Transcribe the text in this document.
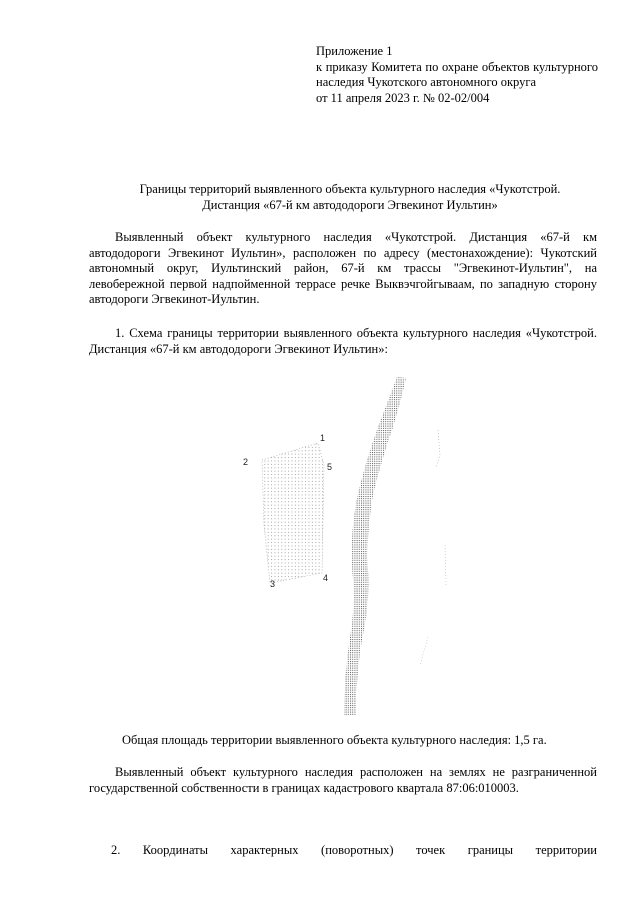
Приложение 1
к приказу Комитета по охране объектов культурного наследия Чукотского автономного округа
от 11 апреля 2023 г. № 02-02/004
Границы территорий выявленного объекта культурного наследия «Чукотстрой.
Дистанция «67-й км автододороги Эгвекинот Иультин»
Выявленный объект культурного наследия «Чукотстрой. Дистанция «67-й км автододороги Эгвекинот Иультин», расположен по адресу (местонахождение): Чукотский автономный округ, Иультинский район, 67-й км трассы "Эгвекинот-Иультин", на левобережной первой надпойменной террасе речке Выквэчгойгываам, по западную сторону автодороги Эгвекинот-Иультин.
1. Схема границы территории выявленного объекта культурного наследия «Чукотстрой. Дистанция «67-й км автододороги Эгвекинот Иультин»:
1
2
3
4
5
Общая площадь территории выявленного объекта культурного наследия: 1,5 га.
Выявленный объект культурного наследия расположен на землях не разграниченной государственной собственности в границах кадастрового квартала 87:06:010003.
2. Координаты характерных (поворотных) точек границы территории
